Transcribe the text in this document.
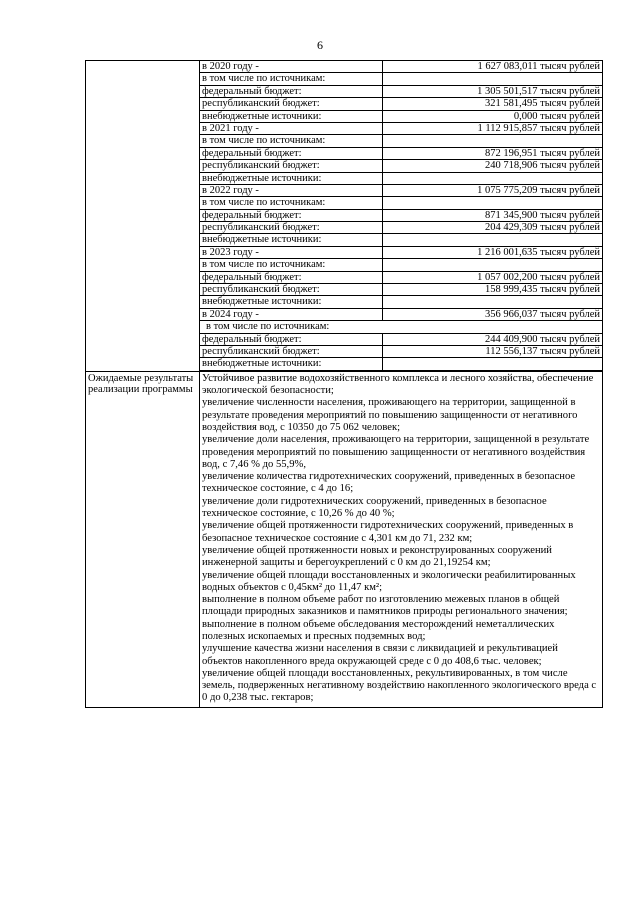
6

в 2020 году -	1 627 083,011 тысяч рублей
в том числе по источникам:	
федеральный бюджет:	1 305 501,517 тысяч рублей
республиканский бюджет:	321 581,495 тысяч рублей
внебюджетные источники:	0,000 тысяч рублей
в 2021 году -	1 112 915,857 тысяч рублей
в том числе по источникам:	
федеральный бюджет:	872 196,951 тысяч рублей
республиканский бюджет:	240 718,906 тысяч рублей
внебюджетные источники:	
в 2022 году -	1 075 775,209 тысяч рублей
в том числе по источникам:	
федеральный бюджет:	871 345,900 тысяч рублей
республиканский бюджет:	204 429,309 тысяч рублей
внебюджетные источники:	
в 2023 году -	1 216 001,635 тысяч рублей
в том числе по источникам:	
федеральный бюджет:	1 057 002,200 тысяч рублей
республиканский бюджет:	158 999,435 тысяч рублей
внебюджетные источники:	
в 2024 году -	356 966,037 тысяч рублей
в том числе по источникам:
федеральный бюджет:	244 409,900 тысяч рублей
республиканский бюджет:	112 556,137 тысяч рублей
внебюджетные источники:	

Ожидаемые результаты реализации программы

Устойчивое развитие водохозяйственного комплекса и лесного хозяйства, обеспечение экологической безопасности;
увеличение численности населения, проживающего на территории, защищенной в результате проведения мероприятий по повышению защищенности от негативного воздействия вод, с 10350 до 75 062 человек;
увеличение доли населения, проживающего на территории, защищенной в результате проведения мероприятий по повышению защищенности от негативного воздействия вод, с 7,46 % до 55,9%,
увеличение количества гидротехнических сооружений, приведенных в безопасное техническое состояние, с 4 до 16;
увеличение доли гидротехнических сооружений, приведенных в безопасное техническое состояние, с 10,26 % до 40 %;
увеличение общей протяженности гидротехнических сооружений, приведенных в безопасное техническое состояние с 4,301 км до 71, 232 км;
увеличение общей протяженности новых и реконструированных сооружений инженерной защиты и берегоукреплений с 0 км до 21,19254 км;
увеличение общей площади восстановленных и экологически реабилитированных водных объектов с 0,45км² до 11,47 км²;
выполнение в полном объеме работ по изготовлению межевых планов в общей площади природных заказников и памятников природы регионального значения;
выполнение в полном объеме обследования месторождений неметаллических полезных ископаемых и пресных подземных вод;
улучшение качества жизни населения в связи с ликвидацией и рекультивацией объектов накопленного вреда окружающей среде с 0 до 408,6 тыс. человек;
увеличение общей площади восстановленных, рекультивированных, в том числе земель, подверженных негативному воздействию накопленного экологического вреда с 0 до 0,238 тыс. гектаров;
